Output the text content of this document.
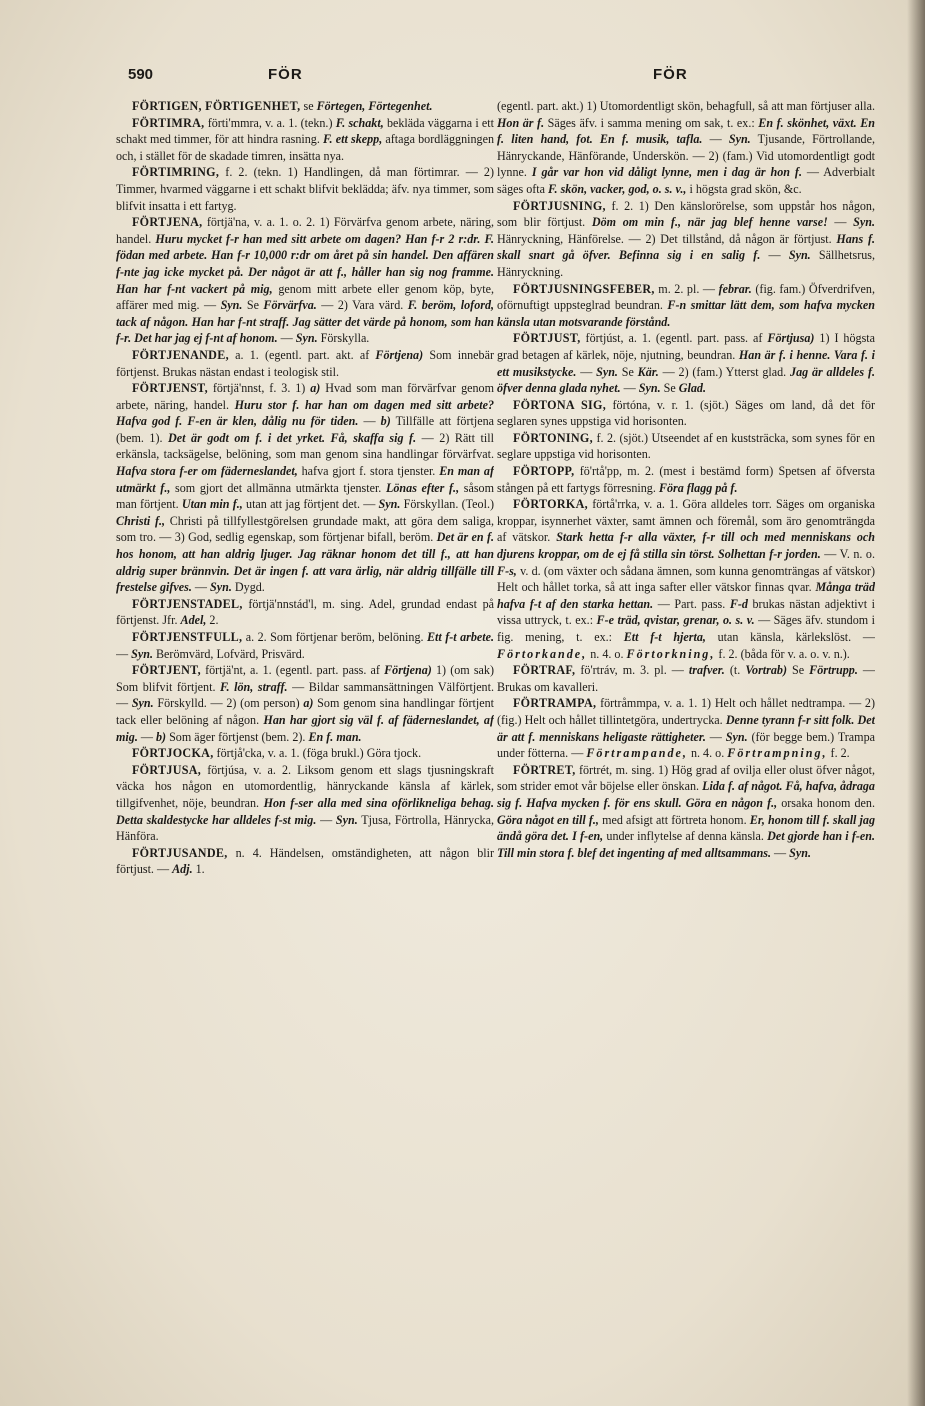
590	FÖR	FÖR

FÖRTIGEN, FÖRTIGENHET, se Förtegen, Förtegenhet.

FÖRTIMRA, förti'mmra, v. a. 1. (tekn.) F. schakt, bekläda väggarna i ett schakt med timmer, för att hindra rasning. F. ett skepp, aftaga bordläggningen och, i stället för de skadade timren, insätta nya.

FÖRTIMRING, f. 2. (tekn. 1) Handlingen, då man förtimrar. — 2) Timmer, hvarmed väggarne i ett schakt blifvit beklädda; äfv. nya timmer, som blifvit insatta i ett fartyg.

FÖRTJENA, förtjä'na, v. a. 1. o. 2. 1) Förvärfva genom arbete, näring, handel. Huru mycket f-r han med sitt arbete om dagen? Han f-r 2 r:dr. F. födan med arbete. Han f-r 10,000 r:dr om året på sin handel. Den affären f-nte jag icke mycket på. Der något är att f., håller han sig nog framme. Han har f-nt vackert på mig, genom mitt arbete eller genom köp, byte, affärer med mig. — Syn. Se Förvärfva. — 2) Vara värd. F. beröm, loford, tack af någon. Han har f-nt straff. Jag sätter det värde på honom, som han f-r. Det har jag ej f-nt af honom. — Syn. Förskylla.

FÖRTJENANDE, a. 1. (egentl. part. akt. af Förtjena) Som innebär förtjenst. Brukas nästan endast i teologisk stil.

FÖRTJENST, förtjä'nnst, f. 3. 1) a) Hvad som man förvärfvar genom arbete, näring, handel. Huru stor f. har han om dagen med sitt arbete? Hafva god f. F-en är klen, dålig nu för tiden. — b) Tillfälle att förtjena (bem. 1). Det är godt om f. i det yrket. Få, skaffa sig f. — 2) Rätt till erkänsla, tacksägelse, belöning, som man genom sina handlingar förvärfvat. Hafva stora f-er om fäderneslandet, hafva gjort f. stora tjenster. En man af utmärkt f., som gjort det allmänna utmärkta tjenster. Lönas efter f., såsom man förtjent. Utan min f., utan att jag förtjent det. — Syn. Förskyllan. (Teol.) Christi f., Christi på tillfyllestgörelsen grundade makt, att göra dem saliga, som tro. — 3) God, sedlig egenskap, som förtjenar bifall, beröm. Det är en f. hos honom, att han aldrig ljuger. Jag räknar honom det till f., att han aldrig super brännvin. Det är ingen f. att vara ärlig, när aldrig tillfälle till frestelse gifves. — Syn. Dygd.

FÖRTJENSTADEL, förtjä'nnstád'l, m. sing. Adel, grundad endast på förtjenst. Jfr. Adel, 2.

FÖRTJENSTFULL, a. 2. Som förtjenar beröm, belöning. Ett f-t arbete. — Syn. Berömvärd, Lofvärd, Prisvärd.

FÖRTJENT, förtjä'nt, a. 1. (egentl. part. pass. af Förtjena) 1) (om sak) Som blifvit förtjent. F. lön, straff. — Bildar sammansättningen Välförtjent. — Syn. Förskylld. — 2) (om person) a) Som genom sina handlingar förtjent tack eller belöning af någon. Han har gjort sig väl f. af fäderneslandet, af mig. — b) Som äger förtjenst (bem. 2). En f. man.

FÖRTJOCKA, förtjå'cka, v. a. 1. (föga brukl.) Göra tjock.

FÖRTJUSA, förtjúsa, v. a. 2. Liksom genom ett slags tjusningskraft väcka hos någon en utomordentlig, hänryckande känsla af kärlek, tillgifvenhet, nöje, beundran. Hon f-ser alla med sina oförlikneliga behag. Detta skaldestycke har alldeles f-st mig. — Syn. Tjusa, Förtrolla, Hänrycka, Hänföra.

FÖRTJUSANDE, n. 4. Händelsen, omständigheten, att någon blir förtjust. — Adj. 1.

(egentl. part. akt.) 1) Utomordentligt skön, behagfull, så att man förtjuser alla. Hon är f. Säges äfv. i samma mening om sak, t. ex.: En f. skönhet, växt. En f. liten hand, fot. En f. musik, tafla. — Syn. Tjusande, Förtrollande, Hänryckande, Hänförande, Underskön. — 2) (fam.) Vid utomordentligt godt lynne. I går var hon vid dåligt lynne, men i dag är hon f. — Adverbialt säges ofta F. skön, vacker, god, o. s. v., i högsta grad skön, &c.

FÖRTJUSNING, f. 2. 1) Den känslorörelse, som uppstår hos någon, som blir förtjust. Döm om min f., när jag blef henne varse! — Syn. Hänryckning, Hänförelse. — 2) Det tillstånd, då någon är förtjust. Hans f. skall snart gå öfver. Befinna sig i en salig f. — Syn. Sällhetsrus, Hänryckning.

FÖRTJUSNINGSFEBER, m. 2. pl. — febrar. (fig. fam.) Öfverdrifven, oförnuftigt uppsteglrad beundran. F-n smittar lätt dem, som hafva mycken känsla utan motsvarande förstånd.

FÖRTJUST, förtjúst, a. 1. (egentl. part. pass. af Förtjusa) 1) I högsta grad betagen af kärlek, nöje, njutning, beundran. Han är f. i henne. Vara f. i ett musikstycke. — Syn. Se Kär. — 2) (fam.) Ytterst glad. Jag är alldeles f. öfver denna glada nyhet. — Syn. Se Glad.

FÖRTONA SIG, förtóna, v. r. 1. (sjöt.) Säges om land, då det för seglaren synes uppstiga vid horisonten.

FÖRTONING, f. 2. (sjöt.) Utseendet af en kuststräcka, som synes för en seglare uppstiga vid horisonten.

FÖRTOPP, fö'rtå'pp, m. 2. (mest i bestämd form) Spetsen af öfversta stången på ett fartygs förresning. Föra flagg på f.

FÖRTORKA, förtå'rrka, v. a. 1. Göra alldeles torr. Säges om organiska kroppar, isynnerhet växter, samt ämnen och föremål, som äro genomträngda af vätskor. Stark hetta f-r alla växter, f-r till och med menniskans och djurens kroppar, om de ej få stilla sin törst. Solhettan f-r jorden. — V. n. o. F-s, v. d. (om växter och sådana ämnen, som kunna genomträngas af vätskor) Helt och hållet torka, så att inga safter eller vätskor finnas qvar. Många träd hafva f-t af den starka hettan. — Part. pass. F-d brukas nästan adjektivt i vissa uttryck, t. ex.: F-e träd, qvistar, grenar, o. s. v. — Säges äfv. stundom i fig. mening, t. ex.: Ett f-t hjerta, utan känsla, kärlekslöst. — Förtorkande, n. 4. o. Förtorkning, f. 2. (båda för v. a. o. v. n.).

FÖRTRAF, fö'rtráv, m. 3. pl. — trafver. (t. Vortrab) Se Förtrupp. — Brukas om kavalleri.

FÖRTRAMPA, förtråmmpa, v. a. 1. 1) Helt och hållet nedtrampa. — 2) (fig.) Helt och hållet tillintetgöra, undertrycka. Denne tyrann f-r sitt folk. Det är att f. menniskans heligaste rättigheter. — Syn. (för begge bem.) Trampa under fötterna. — Förtrampande, n. 4. o. Förtrampning, f. 2.

FÖRTRET, förtrét, m. sing. 1) Hög grad af ovilja eller olust öfver något, som strider emot vår böjelse eller önskan. Lida f. af något. Få, hafva, ådraga sig f. Hafva mycken f. för ens skull. Göra en någon f., orsaka honom den. Göra något en till f., med afsigt att förtreta honom. Er, honom till f. skall jag ändå göra det. I f-en, under inflytelse af denna känsla. Det gjorde han i f-en. Till min stora f. blef det ingenting af med alltsammans. — Syn.
